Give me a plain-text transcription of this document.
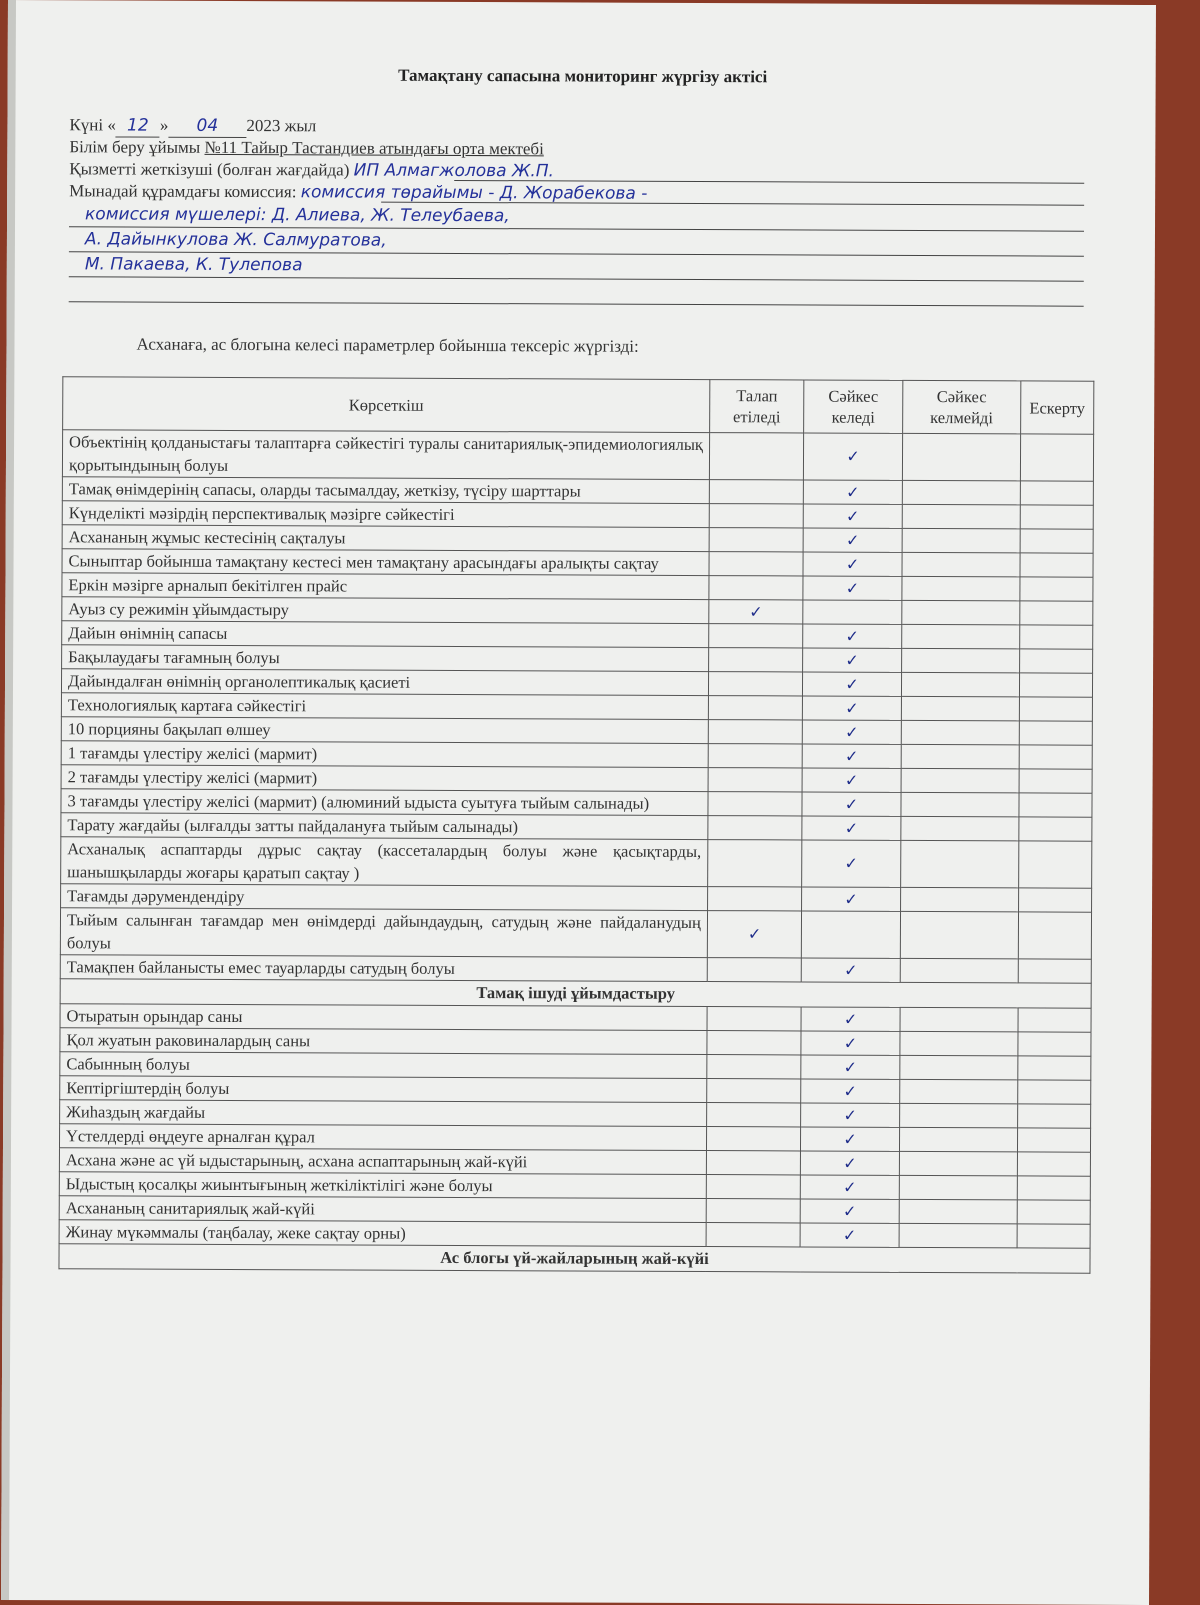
Тамақтану сапасына мониторинг жүргізу актісі
Күні « 12 » 04 2023 жыл
Білім беру ұйымы №11 Тайыр Тастандиев атындағы орта мектебі
Қызметті жеткізуші (болған жағдайда) ИП Алмагжолова Ж.П.
Мынадай құрамдағы комиссия: комиссия төрайымы - Д. Жорабекова -
комиссия мүшелері: Д. Алиева, Ж. Телеубаева,
А. Дайынкулова Ж. Салмуратова,
М. Пакаева, К. Тулепова
Асханаға, ас блогына келесі параметрлер бойынша тексеріс жүргізді:
Көрсеткіш	Талап етіледі	Сәйкес келеді	Сәйкес келмейді	Ескерту
Объектінің қолданыстағы талаптарға сәйкестігі туралы санитариялық-эпидемиологиялық қорытындының болуы		✓		
Тамақ өнімдерінің сапасы, оларды тасымалдау, жеткізу, түсіру шарттары		✓		
Күнделікті мәзірдің перспективалық мәзірге сәйкестігі		✓		
Асхананың жұмыс кестесінің сақталуы		✓		
Сыныптар бойынша тамақтану кестесі мен тамақтану арасындағы аралықты сақтау		✓		
Еркін мәзірге арналып бекітілген прайс		✓		
Ауыз су режимін ұйымдастыру	✓			
Дайын өнімнің сапасы		✓		
Бақылаудағы тағамның болуы		✓		
Дайындалған өнімнің органолептикалық қасиеті		✓		
Технологиялық картаға сәйкестігі		✓		
10 порцияны бақылап өлшеу		✓		
1 тағамды үлестіру желісі (мармит)		✓		
2 тағамды үлестіру желісі (мармит)		✓		
3 тағамды үлестіру желісі (мармит) (алюминий ыдыста суытуға тыйым салынады)		✓		
Тарату жағдайы (ылғалды затты пайдалануға тыйым салынады)		✓		
Асханалық аспаптарды дұрыс сақтау (кассеталардың болуы және қасықтарды, шанышқыларды жоғары қаратып сақтау )		✓		
Тағамды дәрумендендіру		✓		
Тыйым салынған тағамдар мен өнімдерді дайындаудың, сатудың және пайдаланудың болуы	✓			
Тамақпен байланысты емес тауарларды сатудың болуы		✓		
Тамақ ішуді ұйымдастыру				
Отыратын орындар саны		✓		
Қол жуатын раковиналардың саны		✓		
Сабынның болуы		✓		
Кептіргіштердің болуы		✓		
Жиһаздың жағдайы		✓		
Үстелдерді өңдеуге арналған құрал		✓		
Асхана және ас үй ыдыстарының, асхана аспаптарының жай-күйі		✓		
Ыдыстың қосалқы жиынтығының жеткіліктілігі және болуы		✓		
Асхананың санитариялық жай-күйі		✓		
Жинау мүкәммалы (таңбалау, жеке сақтау орны)		✓		
Ас блогы үй-жайларының жай-күйі				
